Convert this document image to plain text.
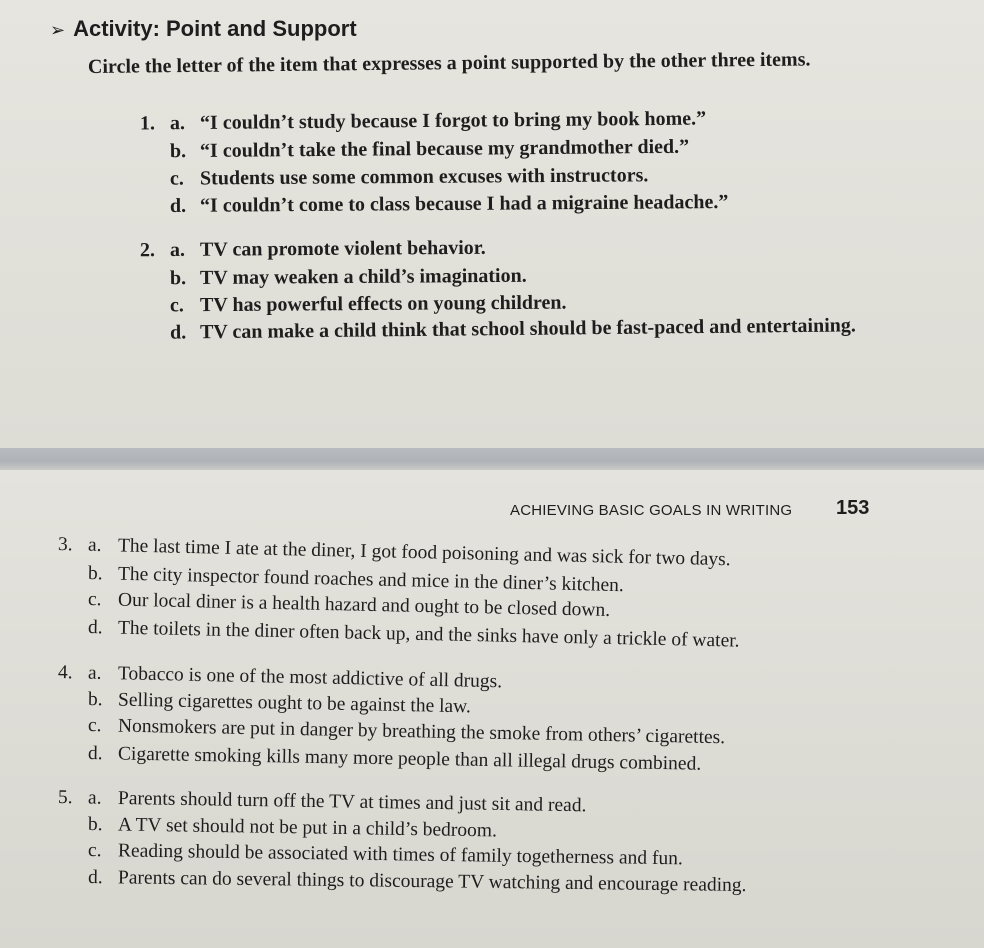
➢ Activity: Point and Support
Circle the letter of the item that expresses a point supported by the other three items.
1. a. “I couldn’t study because I forgot to bring my book home.”
b. “I couldn’t take the final because my grandmother died.”
c. Students use some common excuses with instructors.
d. “I couldn’t come to class because I had a migraine headache.”
2. a. TV can promote violent behavior.
b. TV may weaken a child’s imagination.
c. TV has powerful effects on young children.
d. TV can make a child think that school should be fast-paced and entertaining.
ACHIEVING BASIC GOALS IN WRITING 153
3. a. The last time I ate at the diner, I got food poisoning and was sick for two days.
b. The city inspector found roaches and mice in the diner’s kitchen.
c. Our local diner is a health hazard and ought to be closed down.
d. The toilets in the diner often back up, and the sinks have only a trickle of water.
4. a. Tobacco is one of the most addictive of all drugs.
b. Selling cigarettes ought to be against the law.
c. Nonsmokers are put in danger by breathing the smoke from others’ cigarettes.
d. Cigarette smoking kills many more people than all illegal drugs combined.
5. a. Parents should turn off the TV at times and just sit and read.
b. A TV set should not be put in a child’s bedroom.
c. Reading should be associated with times of family togetherness and fun.
d. Parents can do several things to discourage TV watching and encourage reading.
